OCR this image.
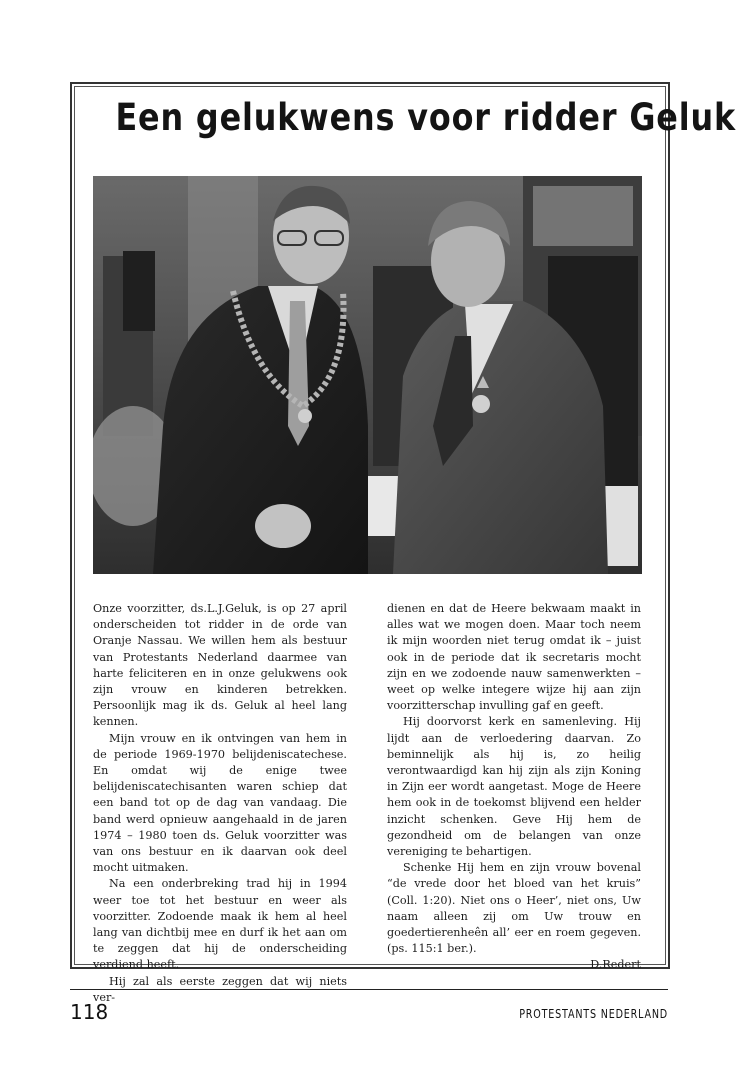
Een gelukwens voor ridder Geluk

Onze voorzitter, ds.L.J.Geluk, is op 27 april onderscheiden tot ridder in de orde van Oranje Nassau. We willen hem als bestuur van Protestants Nederland daarmee van harte feliciteren en in onze gelukwens ook zijn vrouw en kinderen betrekken. Persoonlijk mag ik ds. Geluk al heel lang kennen.

Mijn vrouw en ik ontvingen van hem in de periode 1969-1970 belijdeniscatechese. En omdat wij de enige twee belijdeniscatechisanten waren schiep dat een band tot op de dag van vandaag. Die band werd opnieuw aangehaald in de jaren 1974 – 1980 toen ds. Geluk voorzitter was van ons bestuur en ik daarvan ook deel mocht uitmaken.

Na een onderbreking trad hij in 1994 weer toe tot het bestuur en weer als voorzitter. Zodoende maak ik hem al heel lang van dichtbij mee en durf ik het aan om te zeggen dat hij de onderscheiding verdiend heeft.

Hij zal als eerste zeggen dat wij niets ver-

dienen en dat de Heere bekwaam maakt in alles wat we mogen doen. Maar toch neem ik mijn woorden niet terug omdat ik – juist ook in de periode dat ik secretaris mocht zijn en we zodoende nauw samenwerkten – weet op welke integere wijze hij aan zijn voorzitterschap invulling gaf en geeft.

Hij doorvorst kerk en samenleving. Hij lijdt aan de verloedering daarvan. Zo beminnelijk als hij is, zo heilig verontwaardigd kan hij zijn als zijn Koning in Zijn eer wordt aangetast. Moge de Heere hem ook in de toekomst blijvend een helder inzicht schenken. Geve Hij hem de gezondheid om de belangen van onze vereniging te behartigen.

Schenke Hij hem en zijn vrouw bovenal “de vrede door het bloed van het kruis” (Coll. 1:20). Niet ons o Heer’, niet ons, Uw naam alleen zij om Uw trouw en goedertierenheên all’ eer en roem gegeven. (ps. 115:1 ber.).

D.Redert

118	PROTESTANTS NEDERLAND
